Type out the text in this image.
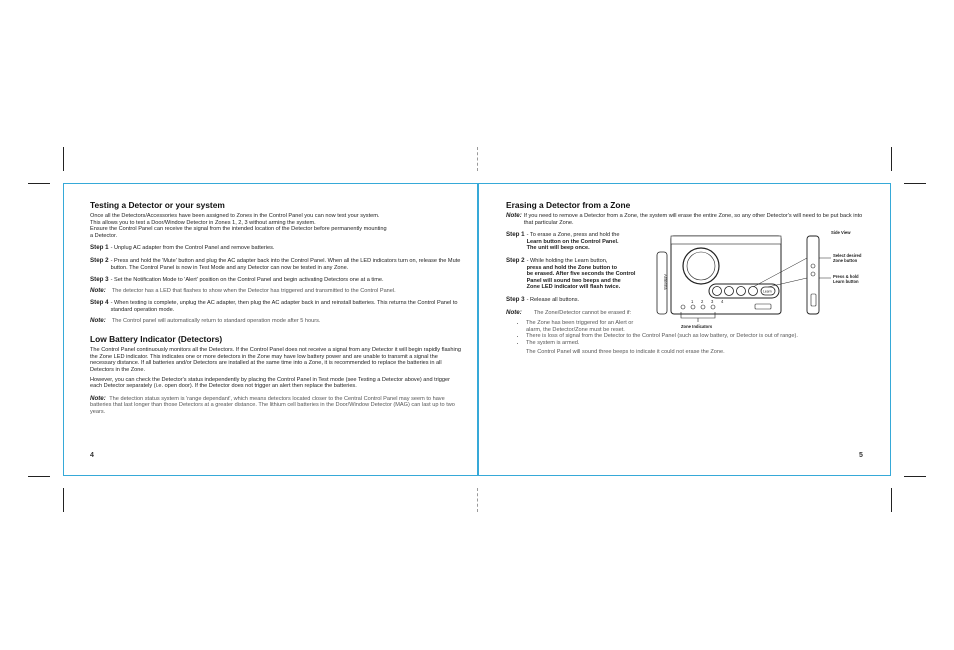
Testing a Detector or your system
Once all the Detectors/Accessories have been assigned to Zones in the Control Panel you can now test your system.
This allows you to test a Door/Window Detector in Zones 1, 2, 3 without arming the system.
Ensure the Control Panel can receive the signal from the intended location of the Detector before permanently mounting
a Detector.
Step 1 - Unplug AC adapter from the Control Panel and remove batteries.
Step 2 - Press and hold the 'Mute' button and plug the AC adapter back into the Control Panel. When all the LED indicators turn on, release the Mute button. The Control Panel is now in Test Mode and any Detector can now be tested in any Zone.
Step 3 - Set the Notification Mode to 'Alert' position on the Control Panel and begin activating Detectors one at a time.
Note: The detector has a LED that flashes to show when the Detector has triggered and transmitted to the Control Panel.
Step 4 - When testing is complete, unplug the AC adapter, then plug the AC adapter back in and reinstall batteries. This returns the Control Panel to standard operation mode.
Note: The Control panel will automatically return to standard operation mode after 5 hours.
Low Battery Indicator (Detectors)

The Control Panel continuously monitors all the Detectors. If the Control Panel does not receive a signal from any Detector it will begin rapidly flashing the Zone LED indicator. This indicates one or more detectors in the Zone may have low battery power and are unable to transmit a signal the necessary distance. If all batteries and/or Detectors are installed at the same time into a Zone, it is recommended to replace the batteries in all Detectors in the Zone.

However, you can check the Detector's status independently by placing the Control Panel in Test mode (see Testing a Detector above) and trigger each Detector separately (i.e. open door). If the Detector does not trigger an alert then replace the batteries.

Note: The detection status system is 'range dependant', which means detectors located closer to the Central Control Panel may seem to have batteries that last longer than those Detectors at a greater distance. The lithium cell batteries in the Door/Window Detector (MAG) can last up to two years.

4
Erasing a Detector from a Zone
Note: If you need to remove a Detector from a Zone, the system will erase the entire Zone, so any other Detector's will need to be put back into that particular Zone.
Step 1 - To erase a Zone, press and hold the
Learn button on the Control Panel.
The unit will beep once.
Step 2 - While holding the Learn button,
press and hold the Zone button to
be erased. After five seconds the Control
Panel will sound two beeps and the
Zone LED indicator will flash twice.
Step 3 - Release all buttons.
Note: The Zone/Detector cannot be erased if:
• The Zone has been triggered for an Alert or alarm, the Detector/Zone must be reset.
• There is loss of signal from the Detector to the Control Panel (such as low battery, or Detector is out of range).
• The system is armed.
The Control Panel will sound three beeps to indicate it could not erase the Zone.
5
Antenna
Learn
1 2 3 4
Zone Indicators
Side View
Select desired
Zone button
Press & hold
Learn button
